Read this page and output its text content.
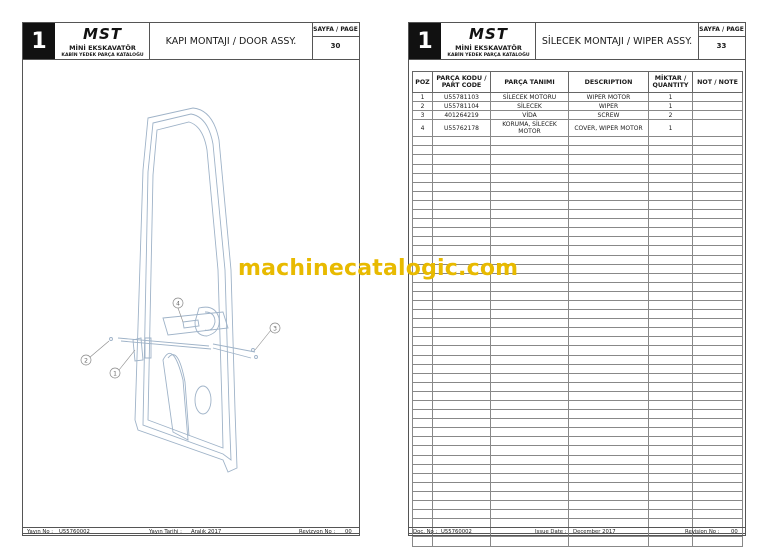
1	MST
MİNİ EKSKAVATÖR
KABİN YEDEK PARÇA KATALOĞU
KAPI MONTAJI / DOOR ASSY.
SAYFA / PAGE
30
1
2
3
4
Yayın No : U55760002	Yayın Tarihi : Aralık 2017	Revizyon No : 00
1	MST
MİNİ EKSKAVATÖR
KABİN YEDEK PARÇA KATALOĞU
SİLECEK MONTAJI / WIPER ASSY.
SAYFA / PAGE
33
POZ	PARÇA KODU / PART CODE	PARÇA TANIMI	DESCRIPTION	MİKTAR / QUANTITY	NOT / NOTE
1	U55781103	SİLECEK MOTORU	WIPER MOTOR	1	
2	U55781104	SİLECEK	WIPER	1	
3	401264219	VİDA	SCREW	2	
4	U55762178	KORUMA, SİLECEK MOTOR	COVER, WIPER MOTOR	1	

Doc. No : U55760002	Issue Date : December 2017	Revision No : 00
machinecatalogic.com
